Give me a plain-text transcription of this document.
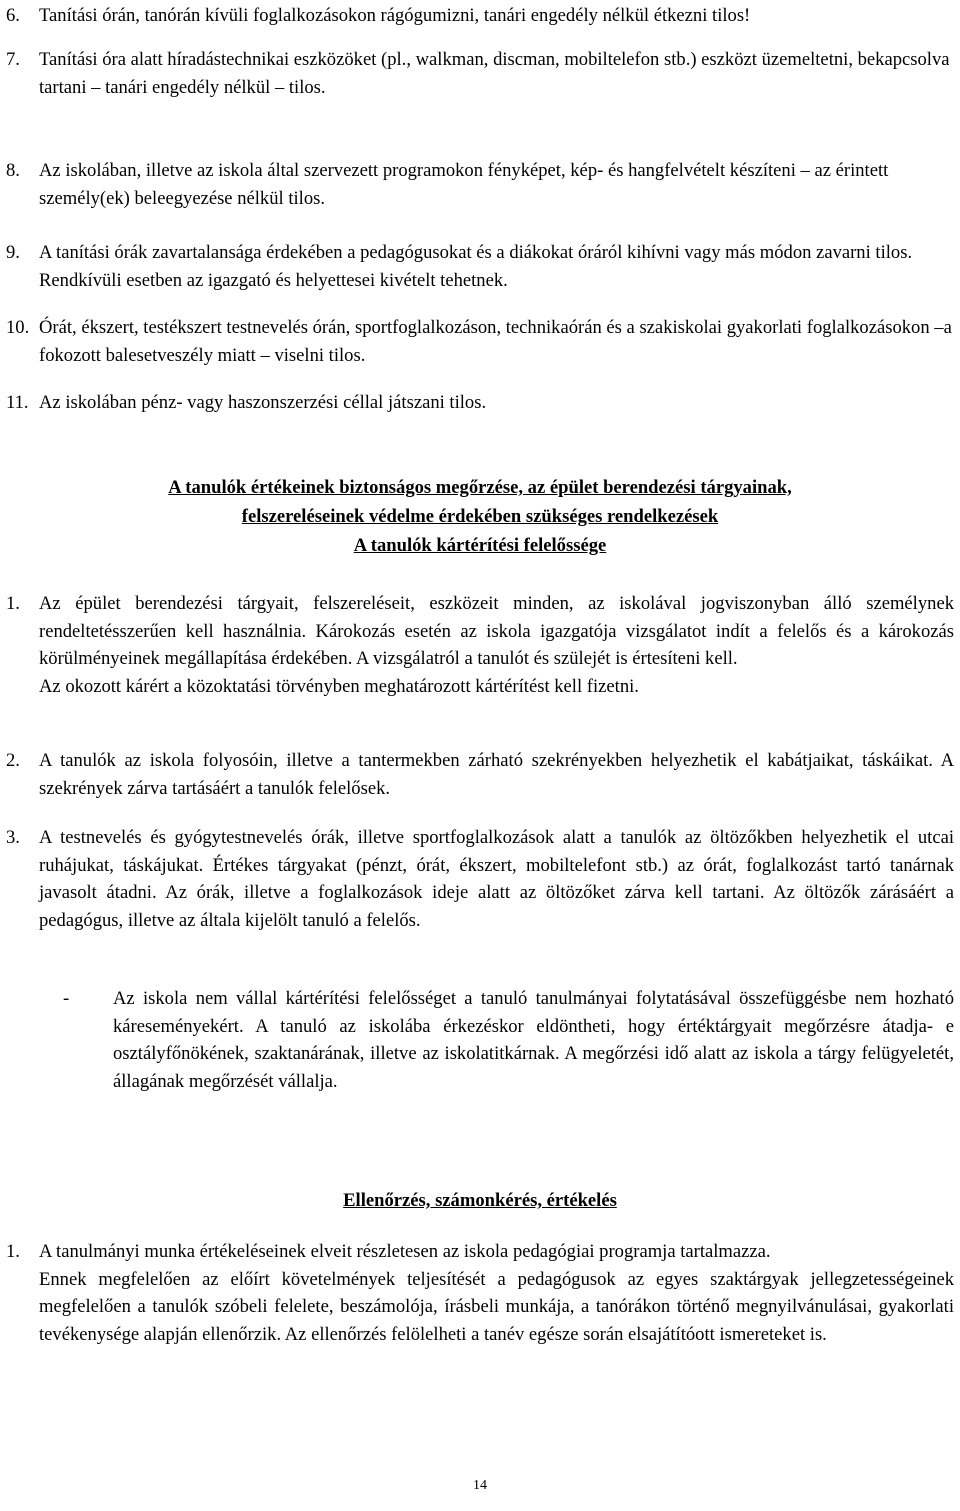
6. Tanítási órán, tanórán kívüli foglalkozásokon rágógumizni, tanári engedély nélkül étkezni tilos!
7. Tanítási óra alatt híradástechnikai eszközöket (pl., walkman, discman, mobiltelefon stb.) eszközt üzemeltetni, bekapcsolva tartani – tanári engedély nélkül – tilos.
8. Az iskolában, illetve az iskola által szervezett programokon fényképet, kép- és hangfelvételt készíteni – az érintett személy(ek) beleegyezése nélkül tilos.
9. A tanítási órák zavartalansága érdekében a pedagógusokat és a diákokat óráról kihívni vagy más módon zavarni tilos. Rendkívüli esetben az igazgató és helyettesei kivételt tehetnek.
10. Órát, ékszert, testékszert testnevelés órán, sportfoglalkozáson, technikaórán és a szakiskolai gyakorlati foglalkozásokon –a fokozott balesetveszély miatt – viselni tilos.
11. Az iskolában pénz- vagy haszonszerzési céllal játszani tilos.
A tanulók értékeinek biztonságos megőrzése, az épület berendezési tárgyainak,
felszereléseinek védelme érdekében szükséges rendelkezések
A tanulók kártérítési felelőssége
1. Az épület berendezési tárgyait, felszereléseit, eszközeit minden, az iskolával jogviszonyban álló személynek rendeltetésszerűen kell használnia. Károkozás esetén az iskola igazgatója vizsgálatot indít a felelős és a károkozás körülményeinek megállapítása érdekében. A vizsgálatról a tanulót és szülejét is értesíteni kell.
Az okozott kárért a közoktatási törvényben meghatározott kártérítést kell fizetni.
2. A tanulók az iskola folyosóin, illetve a tantermekben zárható szekrényekben helyezhetik el kabátjaikat, táskáikat. A szekrények zárva tartásáért a tanulók felelősek.
3. A testnevelés és gyógytestnevelés órák, illetve sportfoglalkozások alatt a tanulók az öltözőkben helyezhetik el utcai ruhájukat, táskájukat. Értékes tárgyakat (pénzt, órát, ékszert, mobiltelefont stb.) az órát, foglalkozást tartó tanárnak javasolt átadni. Az órák, illetve a foglalkozások ideje alatt az öltözőket zárva kell tartani. Az öltözők zárásáért a pedagógus, illetve az általa kijelölt tanuló a felelős.
- Az iskola nem vállal kártérítési felelősséget a tanuló tanulmányai folytatásával összefüggésbe nem hozható káreseményekért. A tanuló az iskolába érkezéskor eldöntheti, hogy értéktárgyait megőrzésre átadja- e osztályfőnökének, szaktanárának, illetve az iskolatitkárnak. A megőrzési idő alatt az iskola a tárgy felügyeletét, állagának megőrzését vállalja.
Ellenőrzés, számonkérés, értékelés
1. A tanulmányi munka értékeléseinek elveit részletesen az iskola pedagógiai programja tartalmazza.
Ennek megfelelően az előírt követelmények teljesítését a pedagógusok az egyes szaktárgyak jellegzetességeinek megfelelően a tanulók szóbeli felelete, beszámolója, írásbeli munkája, a tanórákon történő megnyilvánulásai, gyakorlati tevékenysége alapján ellenőrzik. Az ellenőrzés felölelheti a tanév egésze során elsajátítóott ismereteket is.
14
